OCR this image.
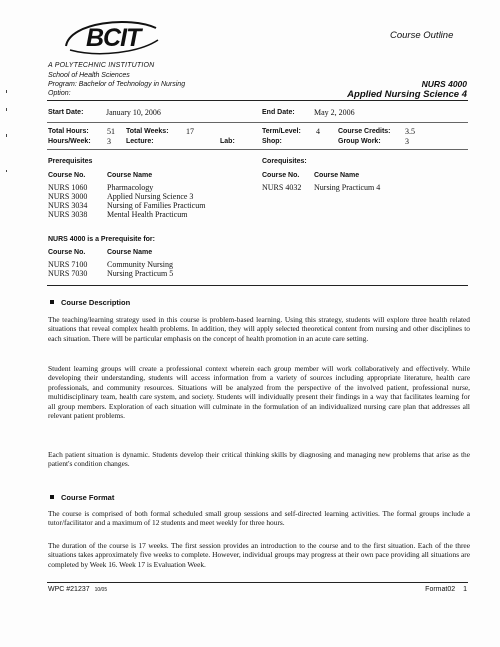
BCIT	Course Outline
A POLYTECHNIC INSTITUTION
School of Health Sciences
Program: Bachelor of Technology in Nursing
Option:
NURS 4000
Applied Nursing Science 4
Start Date:	January 10, 2006	End Date: May 2, 2006
Total Hours: 51 Total Weeks: 17	Term/Level: 4	Course Credits: 3.5
Hours/Week: 3 Lecture:	Lab:	Shop:	Group Work:	3
Prerequisites
Course No.	Course Name
NURS 1060 Pharmacology
NURS 3000 Applied Nursing Science 3
NURS 3034 Nursing of Families Practicum
NURS 3038 Mental Health Practicum
Corequisites:
Course No. Course Name
NURS 4032 Nursing Practicum 4
NURS 4000 is a Prerequisite for:
Course No.	Course Name
NURS 7100 Community Nursing
NURS 7030 Nursing Practicum 5
Course Description
The teaching/learning strategy used in this course is problem-based learning. Using this strategy, students will explore three health related situations that reveal complex health problems. In addition, they will apply selected theoretical content from nursing and other disciplines to each situation. There will be particular emphasis on the concept of health promotion in an acute care setting.
Student learning groups will create a professional context wherein each group member will work collaboratively and effectively. While developing their understanding, students will access information from a variety of sources including appropriate literature, health care professionals, and community resources. Situations will be analyzed from the perspective of the involved patient, professional nurse, multidisciplinary team, health care system, and society. Students will individually present their findings in a way that facilitates learning for all group members. Exploration of each situation will culminate in the formulation of an individualized nursing care plan that addresses all relevant patient problems.
Each patient situation is dynamic. Students develop their critical thinking skills by diagnosing and managing new problems that arise as the patient's condition changes.
Course Format
The course is comprised of both formal scheduled small group sessions and self-directed learning activities. The formal groups include a tutor/facilitator and a maximum of 12 students and meet weekly for three hours.
The duration of the course is 17 weeks. The first session provides an introduction to the course and to the first situation. Each of the three situations takes approximately five weeks to complete. However, individual groups may progress at their own pace providing all situations are completed by Week 16. Week 17 is Evaluation Week.
WPC #21237 10/05	Format02 1
